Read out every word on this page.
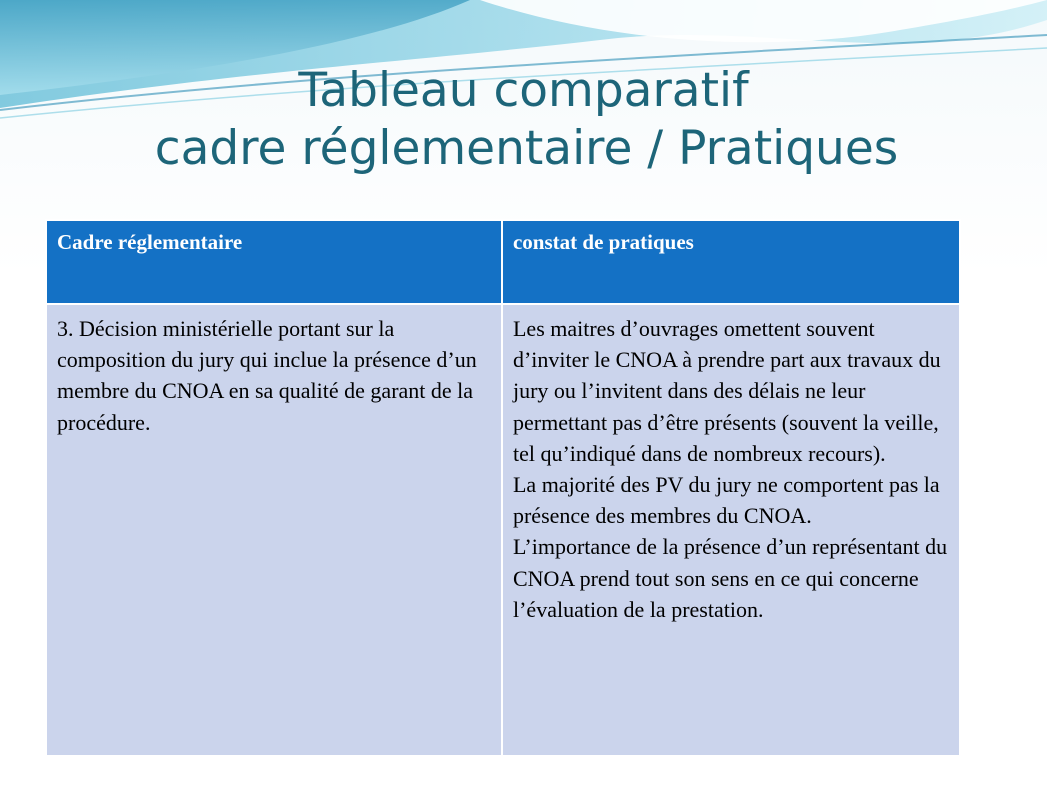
Tableau comparatif
cadre réglementaire / Pratiques
Cadre réglementaire	constat de pratiques

3. Décision ministérielle portant sur la composition du jury qui inclue la présence d’un membre du CNOA en sa qualité de garant de la procédure.	Les maitres d’ouvrages omettent souvent d’inviter le CNOA à prendre part aux travaux du jury ou l’invitent dans des délais ne leur permettant pas d’être présents (souvent la veille, tel qu’indiqué dans de nombreux recours).
La majorité des PV du jury ne comportent pas la présence des membres du CNOA.
L’importance de la présence d’un représentant du CNOA prend tout son sens en ce qui concerne l’évaluation de la prestation.
